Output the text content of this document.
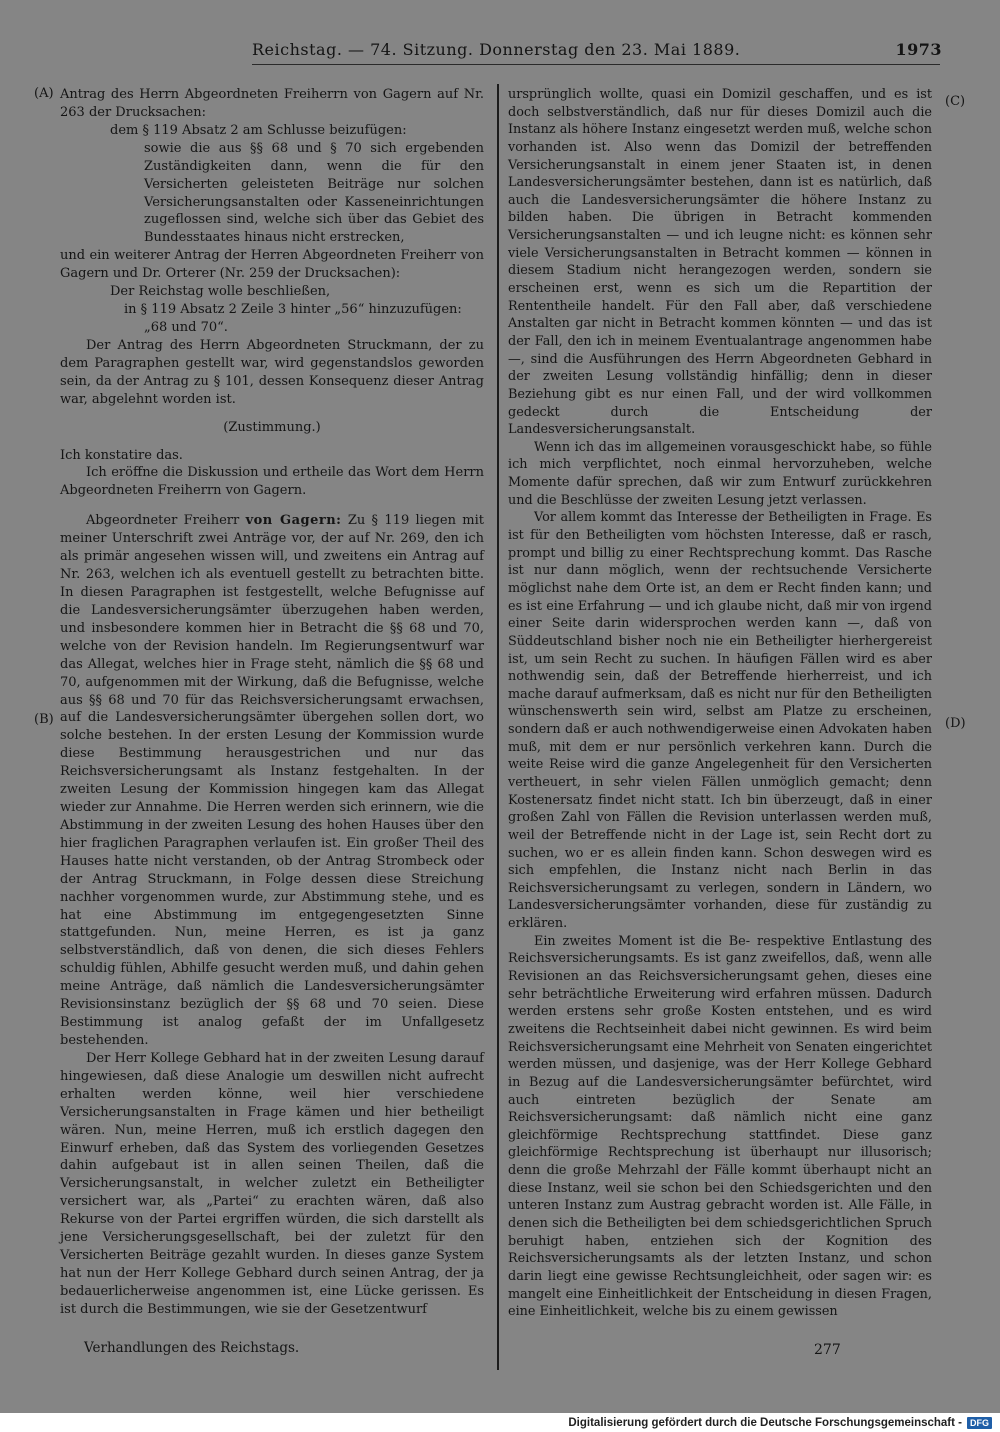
Reichstag. — 74. Sitzung. Donnerstag den 23. Mai 1889.	1973
(A)
(B)
(C)
(D)

Antrag des Herrn Abgeordneten Freiherrn von Gagern auf Nr. 263 der Drucksachen:

dem § 119 Absatz 2 am Schlusse beizufügen:

sowie die aus §§ 68 und § 70 sich ergebenden Zuständigkeiten dann, wenn die für den Versicherten geleisteten Beiträge nur solchen Versicherungsanstalten oder Kasseneinrichtungen zugeflossen sind, welche sich über das Gebiet des Bundesstaates hinaus nicht erstrecken,

und ein weiterer Antrag der Herren Abgeordneten Freiherr von Gagern und Dr. Orterer (Nr. 259 der Drucksachen):

Der Reichstag wolle beschließen,

in § 119 Absatz 2 Zeile 3 hinter „56“ hinzuzufügen:

„68 und 70“.

Der Antrag des Herrn Abgeordneten Struckmann, der zu dem Paragraphen gestellt war, wird gegenstandslos geworden sein, da der Antrag zu § 101, dessen Konsequenz dieser Antrag war, abgelehnt worden ist.

(Zustimmung.)

Ich konstatire das.

Ich eröffne die Diskussion und ertheile das Wort dem Herrn Abgeordneten Freiherrn von Gagern.

Abgeordneter Freiherr von Gagern: Zu § 119 liegen mit meiner Unterschrift zwei Anträge vor, der auf Nr. 269, den ich als primär angesehen wissen will, und zweitens ein Antrag auf Nr. 263, welchen ich als eventuell gestellt zu betrachten bitte. In diesen Paragraphen ist festgestellt, welche Befugnisse auf die Landesversicherungsämter überzugehen haben werden, und insbesondere kommen hier in Betracht die §§ 68 und 70, welche von der Revision handeln. Im Regierungsentwurf war das Allegat, welches hier in Frage steht, nämlich die §§ 68 und 70, aufgenommen mit der Wirkung, daß die Befugnisse, welche aus §§ 68 und 70 für das Reichsversicherungsamt erwachsen, auf die Landesversicherungsämter übergehen sollen dort, wo solche bestehen. In der ersten Lesung der Kommission wurde diese Bestimmung herausgestrichen und nur das Reichsversicherungsamt als Instanz festgehalten. In der zweiten Lesung der Kommission hingegen kam das Allegat wieder zur Annahme. Die Herren werden sich erinnern, wie die Abstimmung in der zweiten Lesung des hohen Hauses über den hier fraglichen Paragraphen verlaufen ist. Ein großer Theil des Hauses hatte nicht verstanden, ob der Antrag Strombeck oder der Antrag Struckmann, in Folge dessen diese Streichung nachher vorgenommen wurde, zur Abstimmung stehe, und es hat eine Abstimmung im entgegengesetzten Sinne stattgefunden. Nun, meine Herren, es ist ja ganz selbstverständlich, daß von denen, die sich dieses Fehlers schuldig fühlen, Abhilfe gesucht werden muß, und dahin gehen meine Anträge, daß nämlich die Landesversicherungsämter Revisionsinstanz bezüglich der §§ 68 und 70 seien. Diese Bestimmung ist analog gefaßt der im Unfallgesetz bestehenden.

Der Herr Kollege Gebhard hat in der zweiten Lesung darauf hingewiesen, daß diese Analogie um deswillen nicht aufrecht erhalten werden könne, weil hier verschiedene Versicherungsanstalten in Frage kämen und hier betheiligt wären. Nun, meine Herren, muß ich erstlich dagegen den Einwurf erheben, daß das System des vorliegenden Gesetzes dahin aufgebaut ist in allen seinen Theilen, daß die Versicherungsanstalt, in welcher zuletzt ein Betheiligter versichert war, als „Partei“ zu erachten wären, daß also Rekurse von der Partei ergriffen würden, die sich darstellt als jene Versicherungsgesellschaft, bei der zuletzt für den Versicherten Beiträge gezahlt wurden. In dieses ganze System hat nun der Herr Kollege Gebhard durch seinen Antrag, der ja bedauerlicherweise angenommen ist, eine Lücke gerissen. Es ist durch die Bestimmungen, wie sie der Gesetzentwurf

ursprünglich wollte, quasi ein Domizil geschaffen, und es ist doch selbstverständlich, daß nur für dieses Domizil auch die Instanz als höhere Instanz eingesetzt werden muß, welche schon vorhanden ist. Also wenn das Domizil der betreffenden Versicherungsanstalt in einem jener Staaten ist, in denen Landesversicherungsämter bestehen, dann ist es natürlich, daß auch die Landesversicherungsämter die höhere Instanz zu bilden haben. Die übrigen in Betracht kommenden Versicherungsanstalten — und ich leugne nicht: es können sehr viele Versicherungsanstalten in Betracht kommen — können in diesem Stadium nicht herangezogen werden, sondern sie erscheinen erst, wenn es sich um die Repartition der Rententheile handelt. Für den Fall aber, daß verschiedene Anstalten gar nicht in Betracht kommen könnten — und das ist der Fall, den ich in meinem Eventualantrage angenommen habe —, sind die Ausführungen des Herrn Abgeordneten Gebhard in der zweiten Lesung vollständig hinfällig; denn in dieser Beziehung gibt es nur einen Fall, und der wird vollkommen gedeckt durch die Entscheidung der Landesversicherungsanstalt.

Wenn ich das im allgemeinen vorausgeschickt habe, so fühle ich mich verpflichtet, noch einmal hervorzuheben, welche Momente dafür sprechen, daß wir zum Entwurf zurückkehren und die Beschlüsse der zweiten Lesung jetzt verlassen.

Vor allem kommt das Interesse der Betheiligten in Frage. Es ist für den Betheiligten vom höchsten Interesse, daß er rasch, prompt und billig zu einer Rechtsprechung kommt. Das Rasche ist nur dann möglich, wenn der rechtsuchende Versicherte möglichst nahe dem Orte ist, an dem er Recht finden kann; und es ist eine Erfahrung — und ich glaube nicht, daß mir von irgend einer Seite darin widersprochen werden kann —, daß von Süddeutschland bisher noch nie ein Betheiligter hierhergereist ist, um sein Recht zu suchen. In häufigen Fällen wird es aber nothwendig sein, daß der Betreffende hierherreist, und ich mache darauf aufmerksam, daß es nicht nur für den Betheiligten wünschenswerth sein wird, selbst am Platze zu erscheinen, sondern daß er auch nothwendigerweise einen Advokaten haben muß, mit dem er nur persönlich verkehren kann. Durch die weite Reise wird die ganze Angelegenheit für den Versicherten vertheuert, in sehr vielen Fällen unmöglich gemacht; denn Kostenersatz findet nicht statt. Ich bin überzeugt, daß in einer großen Zahl von Fällen die Revision unterlassen werden muß, weil der Betreffende nicht in der Lage ist, sein Recht dort zu suchen, wo er es allein finden kann. Schon deswegen wird es sich empfehlen, die Instanz nicht nach Berlin in das Reichsversicherungsamt zu verlegen, sondern in Ländern, wo Landesversicherungsämter vorhanden, diese für zuständig zu erklären.

Ein zweites Moment ist die Be- respektive Entlastung des Reichsversicherungsamts. Es ist ganz zweifellos, daß, wenn alle Revisionen an das Reichsversicherungsamt gehen, dieses eine sehr beträchtliche Erweiterung wird erfahren müssen. Dadurch werden erstens sehr große Kosten entstehen, und es wird zweitens die Rechtseinheit dabei nicht gewinnen. Es wird beim Reichsversicherungsamt eine Mehrheit von Senaten eingerichtet werden müssen, und dasjenige, was der Herr Kollege Gebhard in Bezug auf die Landesversicherungsämter befürchtet, wird auch eintreten bezüglich der Senate am Reichsversicherungsamt: daß nämlich nicht eine ganz gleichförmige Rechtsprechung stattfindet. Diese ganz gleichförmige Rechtsprechung ist überhaupt nur illusorisch; denn die große Mehrzahl der Fälle kommt überhaupt nicht an diese Instanz, weil sie schon bei den Schiedsgerichten und den unteren Instanz zum Austrag gebracht worden ist. Alle Fälle, in denen sich die Betheiligten bei dem schiedsgerichtlichen Spruch beruhigt haben, entziehen sich der Kognition des Reichsversicherungsamts als der letzten Instanz, und schon darin liegt eine gewisse Rechtsungleichheit, oder sagen wir: es mangelt eine Einheitlichkeit der Entscheidung in diesen Fragen, eine Einheitlichkeit, welche bis zu einem gewissen

Verhandlungen des Reichstags.	277
Digitalisierung gefördert durch die Deutsche Forschungsgemeinschaft - DFG
